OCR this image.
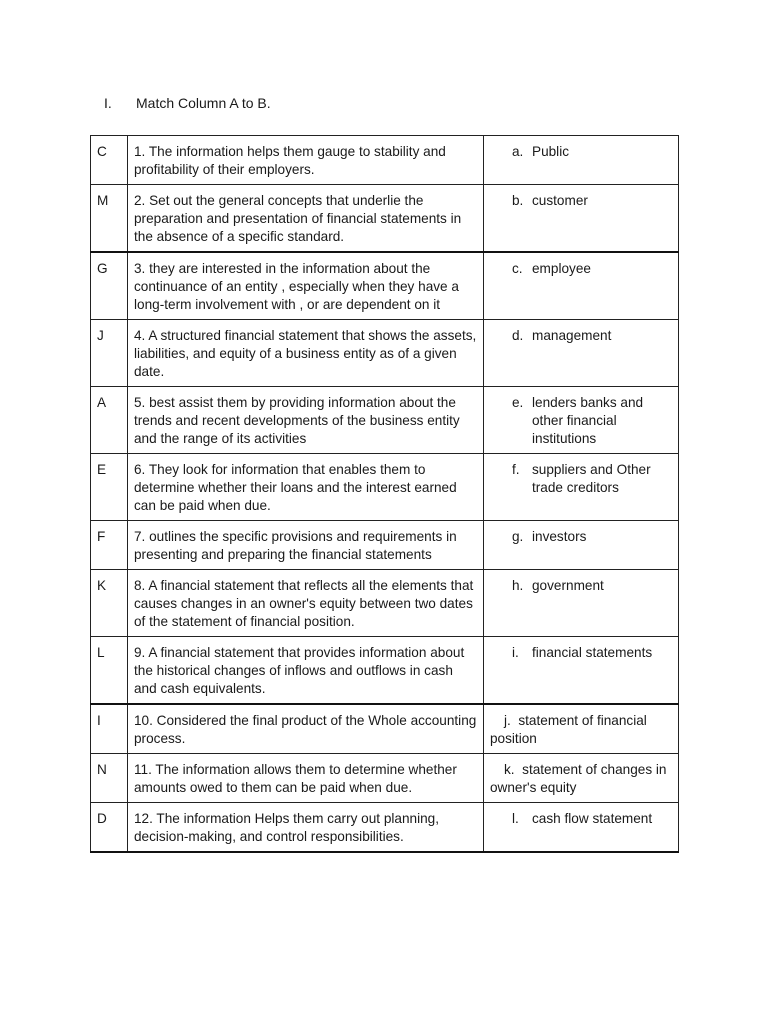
I.	Match Column A to B.
C	1. The information helps them gauge to stability and profitability of their employers.	a. Public

M	2. Set out the general concepts that underlie the preparation and presentation of financial statements in the absence of a specific standard.	b. customer

G	3. they are interested in the information about the continuance of an entity , especially when they have a long-term involvement with , or are dependent on it	c. employee

J	4. A structured financial statement that shows the assets, liabilities, and equity of a business entity as of a given date.	d. management

A	5. best assist them by providing information about the trends and recent developments of the business entity and the range of its activities	e. lenders banks and other financial institutions

E	6. They look for information that enables them to determine whether their loans and the interest earned can be paid when due.	f. suppliers and Other trade creditors

F	7. outlines the specific provisions and requirements in presenting and preparing the financial statements	g. investors

K	8. A financial statement that reflects all the elements that causes changes in an owner's equity between two dates of the statement of financial position.	h. government

L	9. A financial statement that provides information about the historical changes of inflows and outflows in cash and cash equivalents.	i. financial statements

I	10. Considered the final product of the Whole accounting process.	j. statement of financial position

N	11. The information allows them to determine whether amounts owed to them can be paid when due.	k. statement of changes in owner's equity

D	12. The information Helps them carry out planning, decision-making, and control responsibilities.	l. cash flow statement
